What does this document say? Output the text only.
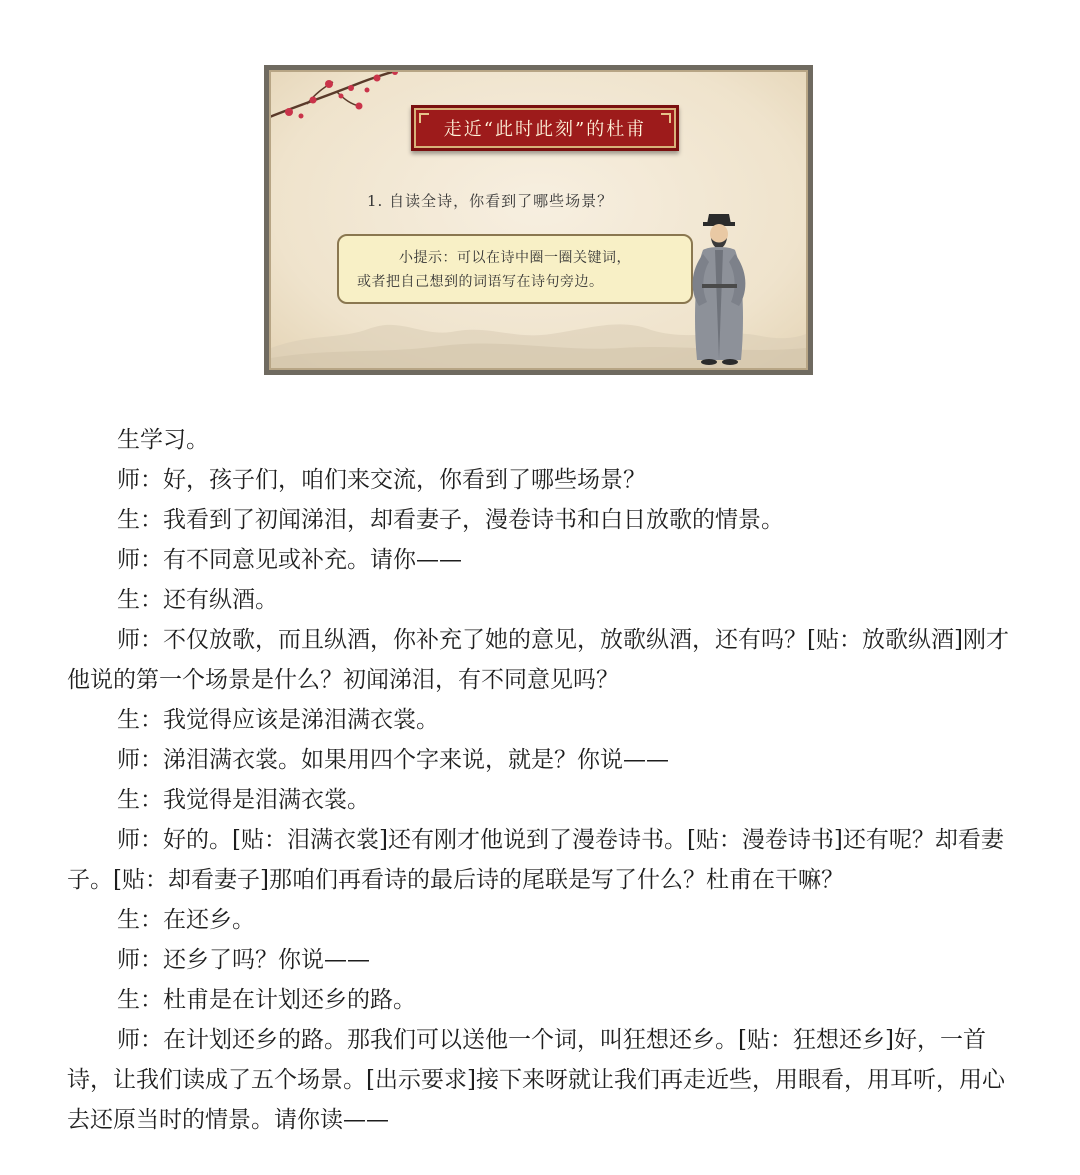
走近“此时此刻”的杜甫
1. 自读全诗，你看到了哪些场景？
小提示：可以在诗中圈一圈关键词，
或者把自己想到的词语写在诗句旁边。

生学习。

师：好，孩子们，咱们来交流，你看到了哪些场景？

生：我看到了初闻涕泪，却看妻子，漫卷诗书和白日放歌的情景。

师：有不同意见或补充。请你——

生：还有纵酒。

师：不仅放歌，而且纵酒，你补充了她的意见，放歌纵酒，还有吗？[贴：放歌纵酒]刚才他说的第一个场景是什么？初闻涕泪，有不同意见吗？

生：我觉得应该是涕泪满衣裳。

师：涕泪满衣裳。如果用四个字来说，就是？你说——

生：我觉得是泪满衣裳。

师：好的。[贴：泪满衣裳]还有刚才他说到了漫卷诗书。[贴：漫卷诗书]还有呢？却看妻子。[贴：却看妻子]那咱们再看诗的最后诗的尾联是写了什么？杜甫在干嘛？

生：在还乡。

师：还乡了吗？你说——

生：杜甫是在计划还乡的路。

师：在计划还乡的路。那我们可以送他一个词，叫狂想还乡。[贴：狂想还乡]好，一首诗，让我们读成了五个场景。[出示要求]接下来呀就让我们再走近些，用眼看，用耳听，用心去还原当时的情景。请你读——
